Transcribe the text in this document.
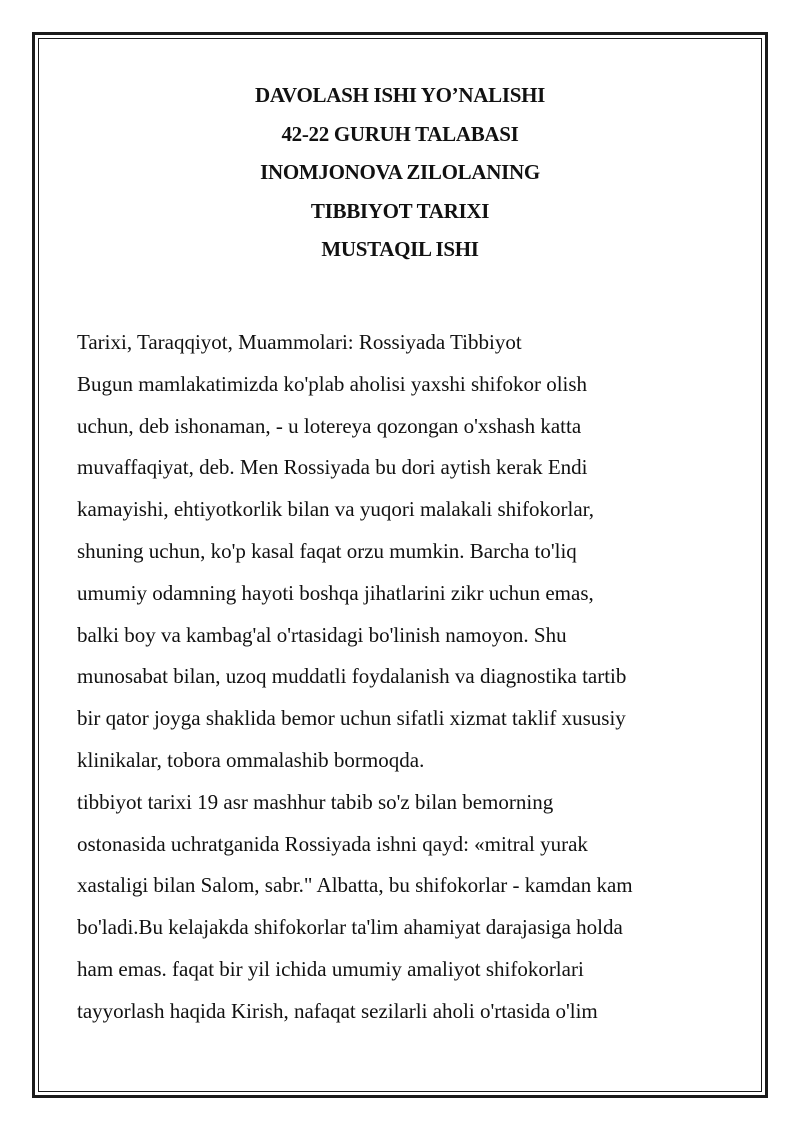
DAVOLASH ISHI YO’NALISHI

42-22 GURUH TALABASI

INOMJONOVA ZILOLANING

TIBBIYOT TARIXI

MUSTAQIL ISHI

Tarixi, Taraqqiyot, Muammolari: Rossiyada Tibbiyot
Bugun mamlakatimizda ko'plab aholisi yaxshi shifokor olish
uchun, deb ishonaman, - u lotereya qozongan o'xshash katta
muvaffaqiyat, deb. Men Rossiyada bu dori aytish kerak Endi
kamayishi, ehtiyotkorlik bilan va yuqori malakali shifokorlar,
shuning uchun, ko'p kasal faqat orzu mumkin. Barcha to'liq
umumiy odamning hayoti boshqa jihatlarini zikr uchun emas,
balki boy va kambag'al o'rtasidagi bo'linish namoyon. Shu
munosabat bilan, uzoq muddatli foydalanish va diagnostika tartib
bir qator joyga shaklida bemor uchun sifatli xizmat taklif xususiy
klinikalar, tobora ommalashib bormoqda.
tibbiyot tarixi 19 asr mashhur tabib so'z bilan bemorning
ostonasida uchratganida Rossiyada ishni qayd: «mitral yurak
xastaligi bilan Salom, sabr." Albatta, bu shifokorlar - kamdan kam
bo'ladi.Bu kelajakda shifokorlar ta'lim ahamiyat darajasiga holda
ham emas. faqat bir yil ichida umumiy amaliyot shifokorlari
tayyorlash haqida Kirish, nafaqat sezilarli aholi o'rtasida o'lim
